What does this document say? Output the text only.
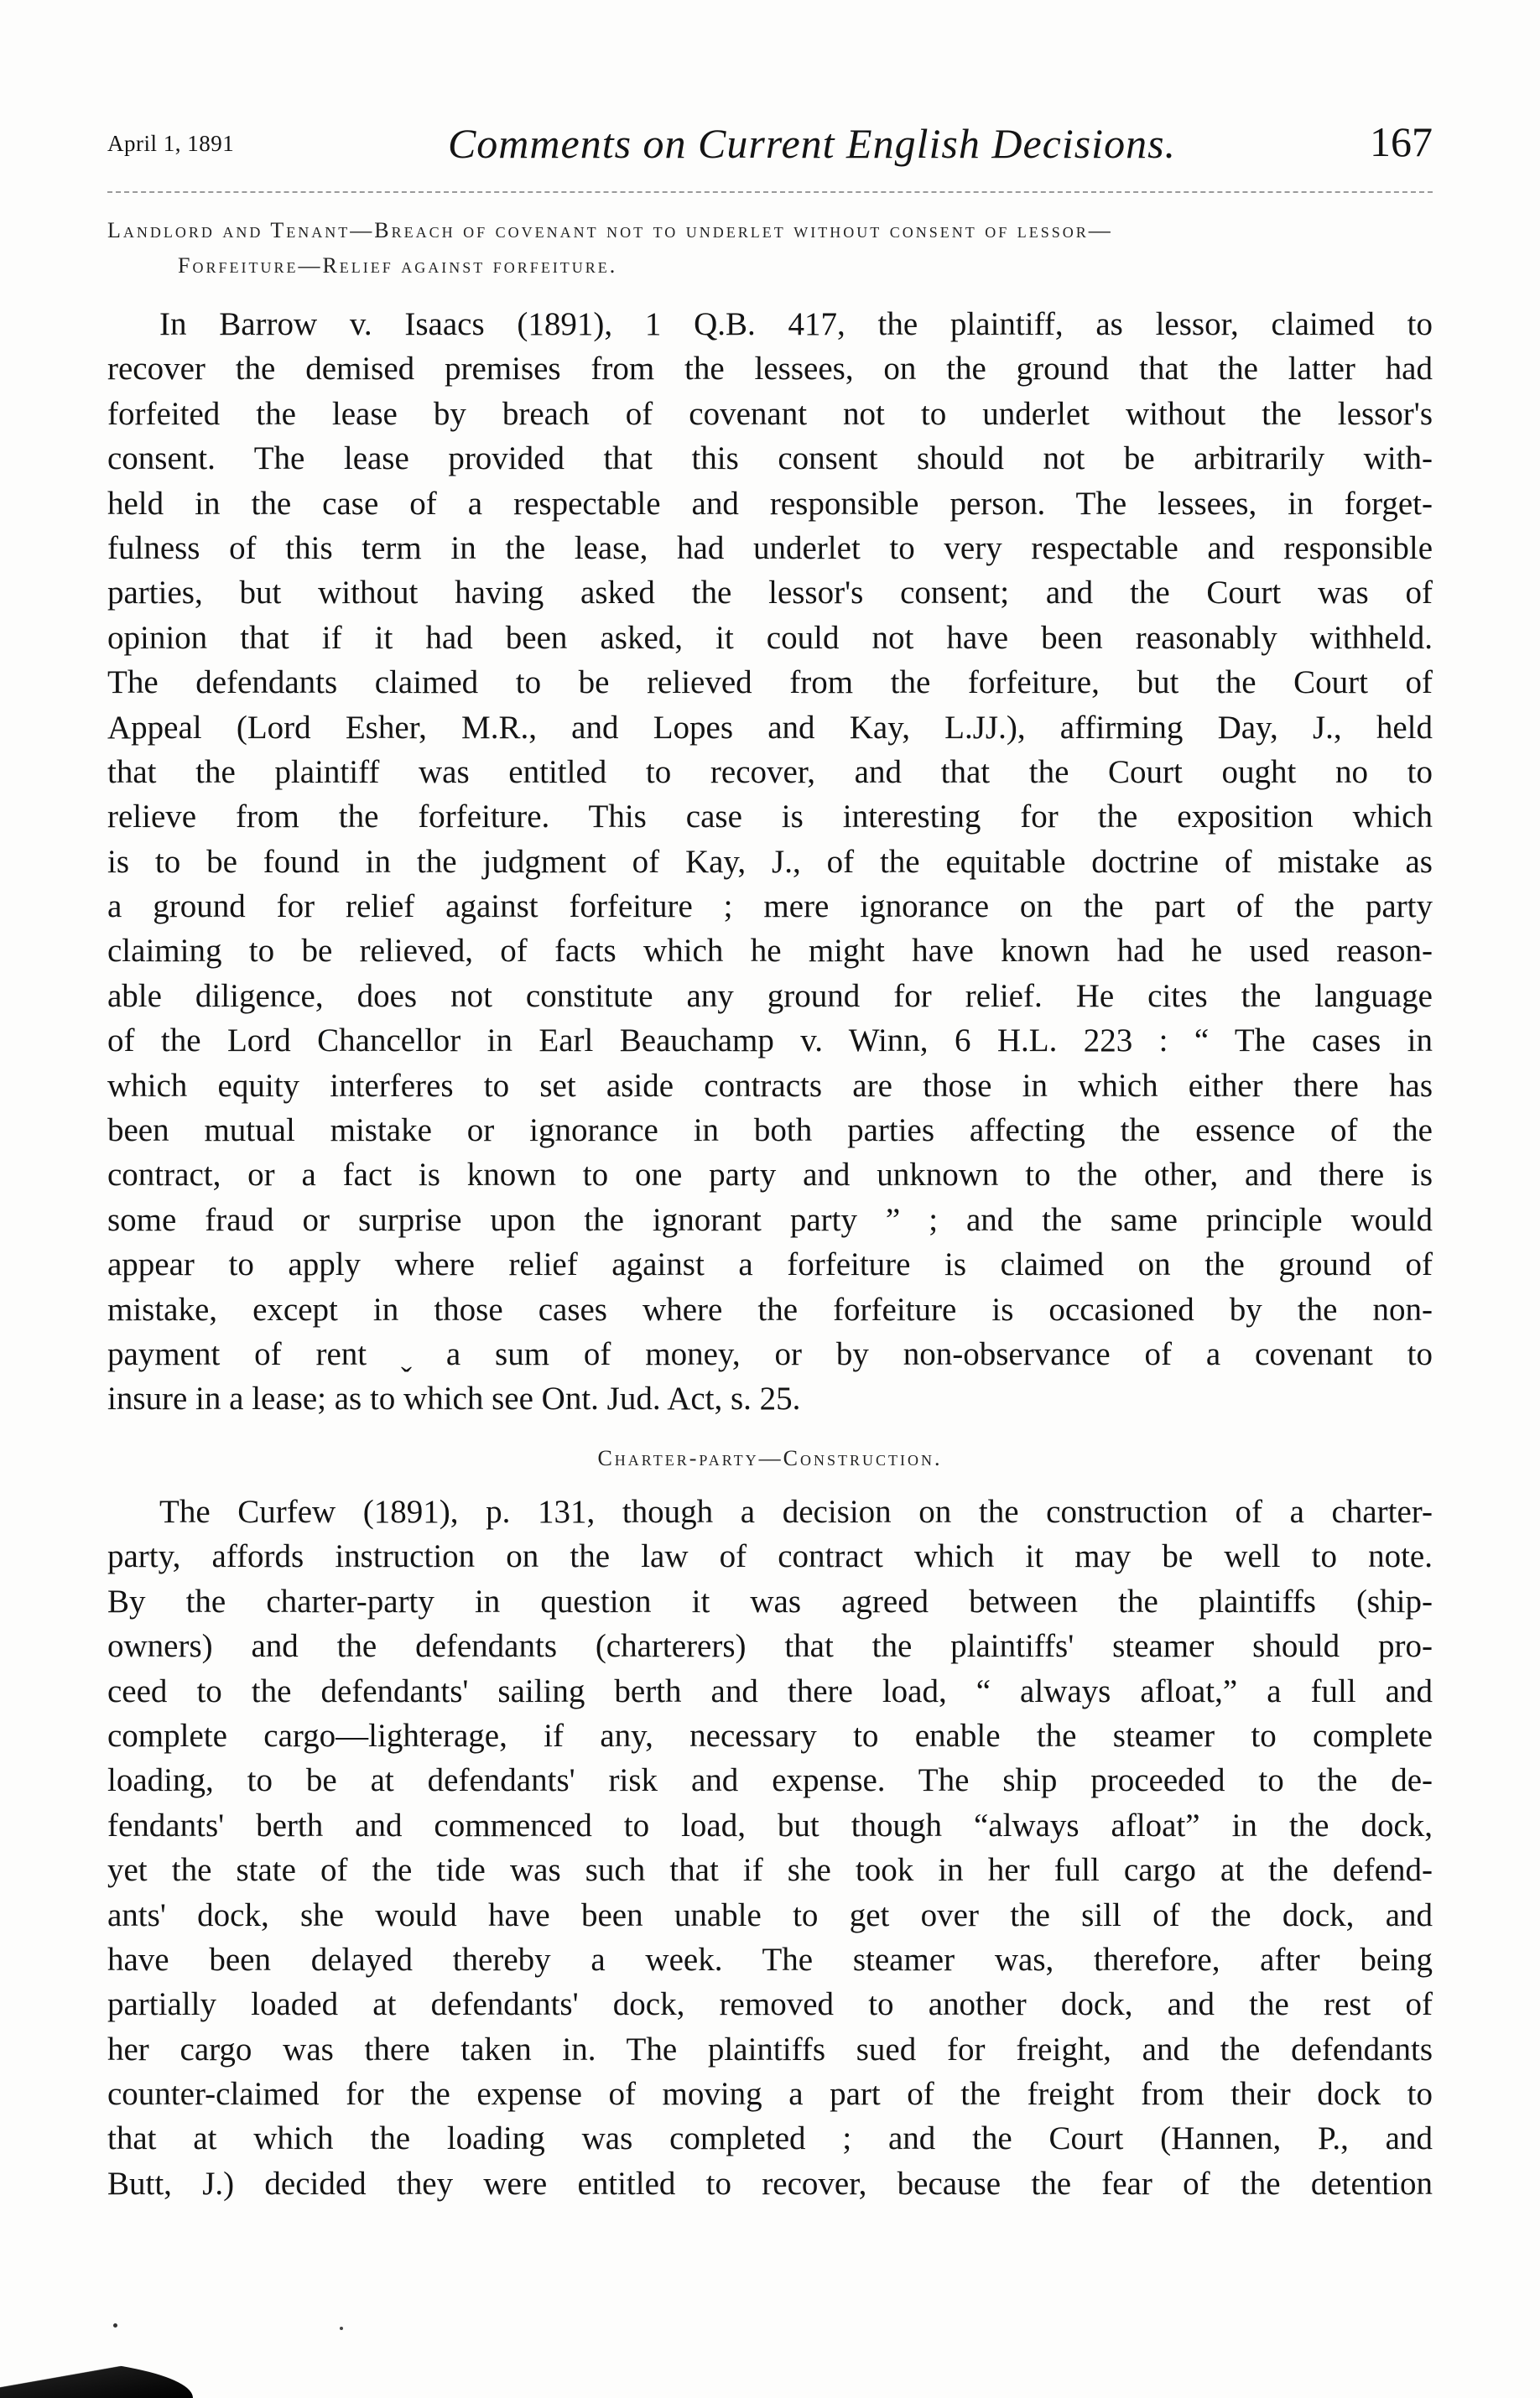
April 1, 1891	Comments on Current English Decisions.	167
Landlord and Tenant—Breach of covenant not to underlet without consent of lessor—
Forfeiture—Relief against forfeiture.
In Barrow v. Isaacs (1891), 1 Q.B. 417, the plaintiff, as lessor, claimed to
recover the demised premises from the lessees, on the ground that the latter had
forfeited the lease by breach of covenant not to underlet without the lessor's
consent. The lease provided that this consent should not be arbitrarily with-
held in the case of a respectable and responsible person. The lessees, in forget-
fulness of this term in the lease, had underlet to very respectable and responsible
parties, but without having asked the lessor's consent; and the Court was of
opinion that if it had been asked, it could not have been reasonably withheld.
The defendants claimed to be relieved from the forfeiture, but the Court of
Appeal (Lord Esher, M.R., and Lopes and Kay, L.JJ.), affirming Day, J., held
that the plaintiff was entitled to recover, and that the Court ought no to
relieve from the forfeiture. This case is interesting for the exposition which
is to be found in the judgment of Kay, J., of the equitable doctrine of mistake as
a ground for relief against forfeiture ; mere ignorance on the part of the party
claiming to be relieved, of facts which he might have known had he used reason-
able diligence, does not constitute any ground for relief. He cites the language
of the Lord Chancellor in Earl Beauchamp v. Winn, 6 H.L. 223 : “ The cases in
which equity interferes to set aside contracts are those in which either there has
been mutual mistake or ignorance in both parties affecting the essence of the
contract, or a fact is known to one party and unknown to the other, and there is
some fraud or surprise upon the ignorant party ” ; and the same principle would
appear to apply where relief against a forfeiture is claimed on the ground of
mistake, except in those cases where the forfeiture is occasioned by the non-
payment of rent ˬ a sum of money, or by non-observance of a covenant to
insure in a lease; as to which see Ont. Jud. Act, s. 25.
Charter-party—Construction.
The Curfew (1891), p. 131, though a decision on the construction of a charter-
party, affords instruction on the law of contract which it may be well to note.
By the charter-party in question it was agreed between the plaintiffs (ship-
owners) and the defendants (charterers) that the plaintiffs' steamer should pro-
ceed to the defendants' sailing berth and there load, “ always afloat,” a full and
complete cargo—lighterage, if any, necessary to enable the steamer to complete
loading, to be at defendants' risk and expense. The ship proceeded to the de-
fendants' berth and commenced to load, but though “always afloat” in the dock,
yet the state of the tide was such that if she took in her full cargo at the defend-
ants' dock, she would have been unable to get over the sill of the dock, and
have been delayed thereby a week. The steamer was, therefore, after being
partially loaded at defendants' dock, removed to another dock, and the rest of
her cargo was there taken in. The plaintiffs sued for freight, and the defendants
counter-claimed for the expense of moving a part of the freight from their dock to
that at which the loading was completed ; and the Court (Hannen, P., and
Butt, J.) decided they were entitled to recover, because the fear of the detention
